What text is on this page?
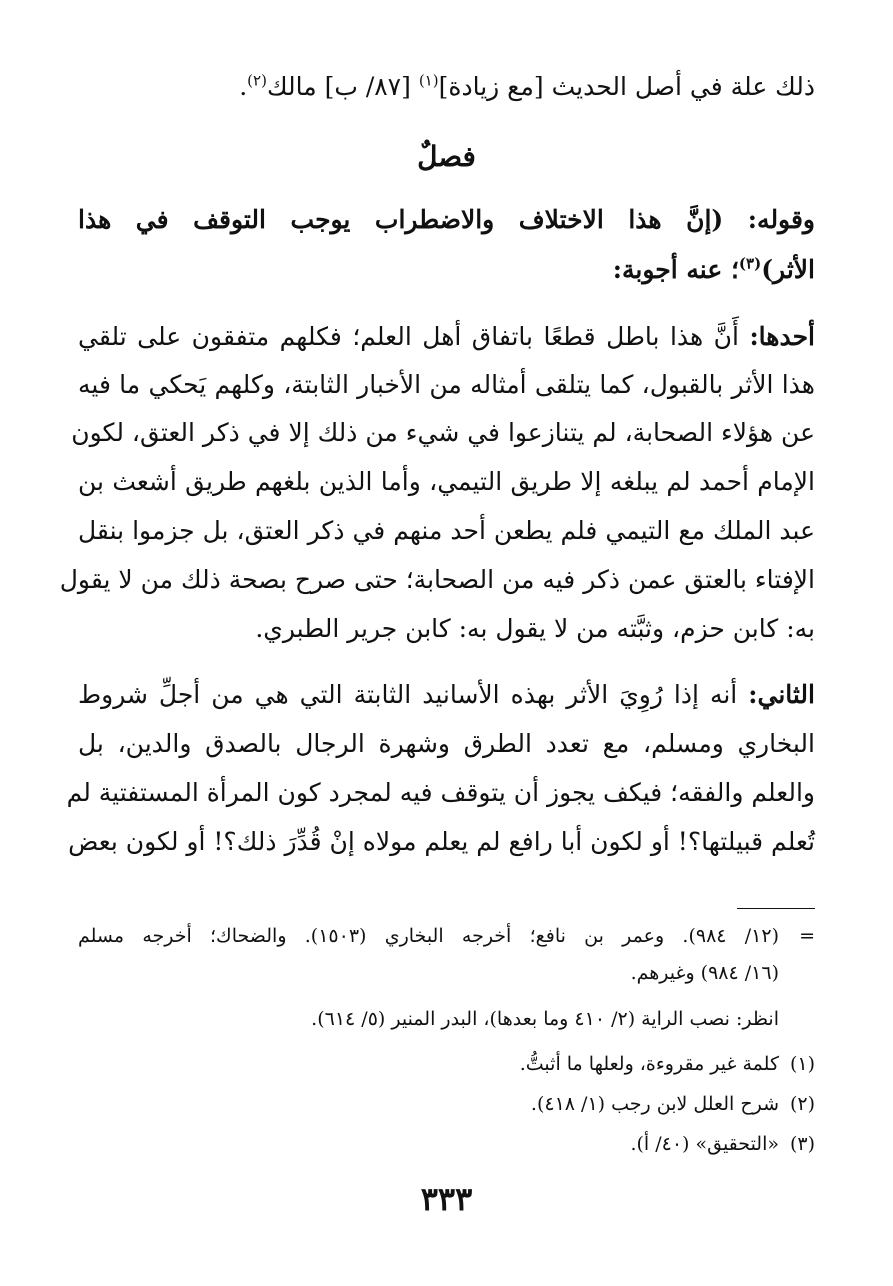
ذلك علة في أصل الحديث [مع زيادة]$^{(١)}$ [٨٧/ ب] مالك$^{(٢)}$.
فصلٌ
وقوله: (إنَّ هذا الاختلاف والاضطراب يوجب التوقف في هذا
الأثر)$^{(٣)}$؛ عنه أجوبة:
أحدها: أَنَّ هذا باطل قطعًا باتفاق أهل العلم؛ فكلهم متفقون على تلقي
هذا الأثر بالقبول، كما يتلقى أمثاله من الأخبار الثابتة، وكلهم يَحكي ما فيه
عن هؤلاء الصحابة، لم يتنازعوا في شيء من ذلك إلا في ذكر العتق، لكون
الإمام أحمد لم يبلغه إلا طريق التيمي، وأما الذين بلغهم طريق أشعث بن
عبد الملك مع التيمي فلم يطعن أحد منهم في ذكر العتق، بل جزموا بنقل
الإفتاء بالعتق عمن ذكر فيه من الصحابة؛ حتى صرح بصحة ذلك من لا يقول
به: كابن حزم، وثبَّته من لا يقول به: كابن جرير الطبري.
الثاني: أنه إذا رُوِيَ الأثر بهذه الأسانيد الثابتة التي هي من أجلِّ شروط
البخاري ومسلم، مع تعدد الطرق وشهرة الرجال بالصدق والدين، بل
والعلم والفقه؛ فيكف يجوز أن يتوقف فيه لمجرد كون المرأة المستفتية لم
تُعلم قبيلتها؟! أو لكون أبا رافع لم يعلم مولاه إنْ قُدِّرَ ذلك؟! أو لكون بعض
=(١٢/ ٩٨٤). وعمر بن نافع؛ أخرجه البخاري (١٥٠٣). والضحاك؛ أخرجه مسلم
(١٦/ ٩٨٤) وغيرهم.
انظر: نصب الراية (٢/ ٤١٠ وما بعدها)، البدر المنير (٥/ ٦١٤).
(١)كلمة غير مقروءة، ولعلها ما أثبتُّ.
(٢)شرح العلل لابن رجب (١/ ٤١٨).
(٣)«التحقيق» (٤٠/ أ).
٣٣٣
